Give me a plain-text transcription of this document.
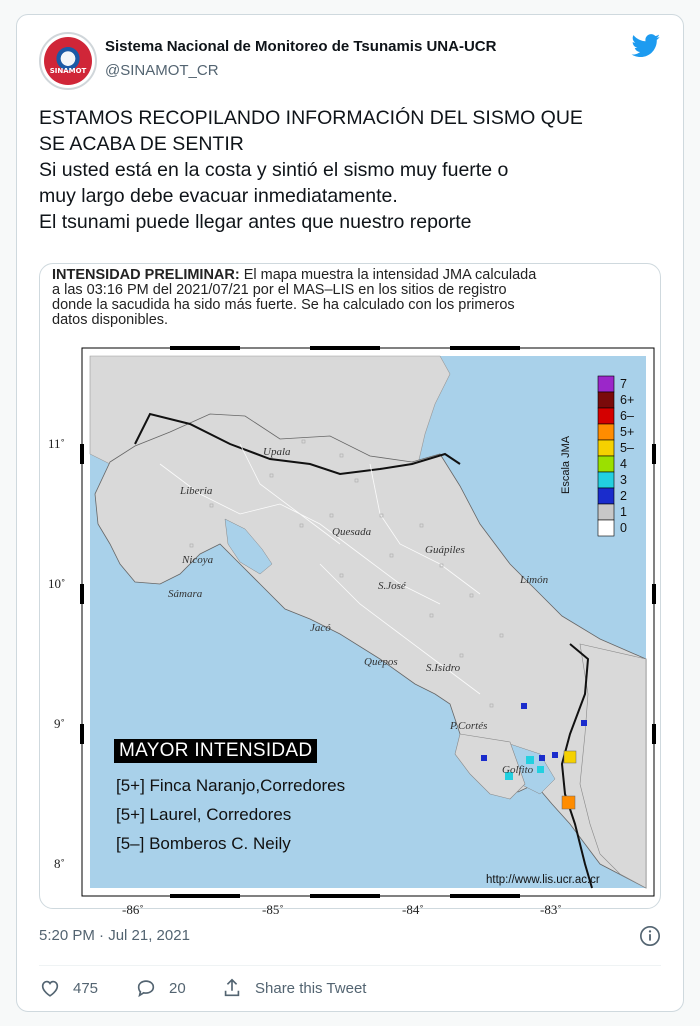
SINAMOT
Sistema Nacional de Monitoreo de Tsunamis UNA-UCR
@SINAMOT_CR
ESTAMOS RECOPILANDO INFORMACIÓN DEL SISMO QUE
SE ACABA DE SENTIR
Si usted está en la costa y sintió el sismo muy fuerte o
muy largo debe evacuar inmediatamente.
El tsunami puede llegar antes que nuestro reporte
INTENSIDAD PRELIMINAR: El mapa muestra la intensidad JMA calculada
a las 03:16 PM del 2021/07/21 por el MAS–LIS en los sitios de registro
donde la sacudida ha sido más fuerte. Se ha calculado con los primeros
datos disponibles.
Upala
Liberia
Quesada
Guápiles
Nicoya
S.José
Sámara
Limón
Jacó
Quepos	S.Isidro
P.Cortés
Golfito
11˚
10˚
9˚
8˚
-86˚	-85˚	-84˚	-83˚
7
6+
6–
5+
5–
4
3
2
1
0
Escala JMA
MAYOR INTENSIDAD
[5+] Finca Naranjo,Corredores
[5+] Laurel, Corredores
[5–] Bomberos C. Neily
http://www.lis.ucr.ac.cr
5:20 PM · Jul 21, 2021
475	20	Share this Tweet
